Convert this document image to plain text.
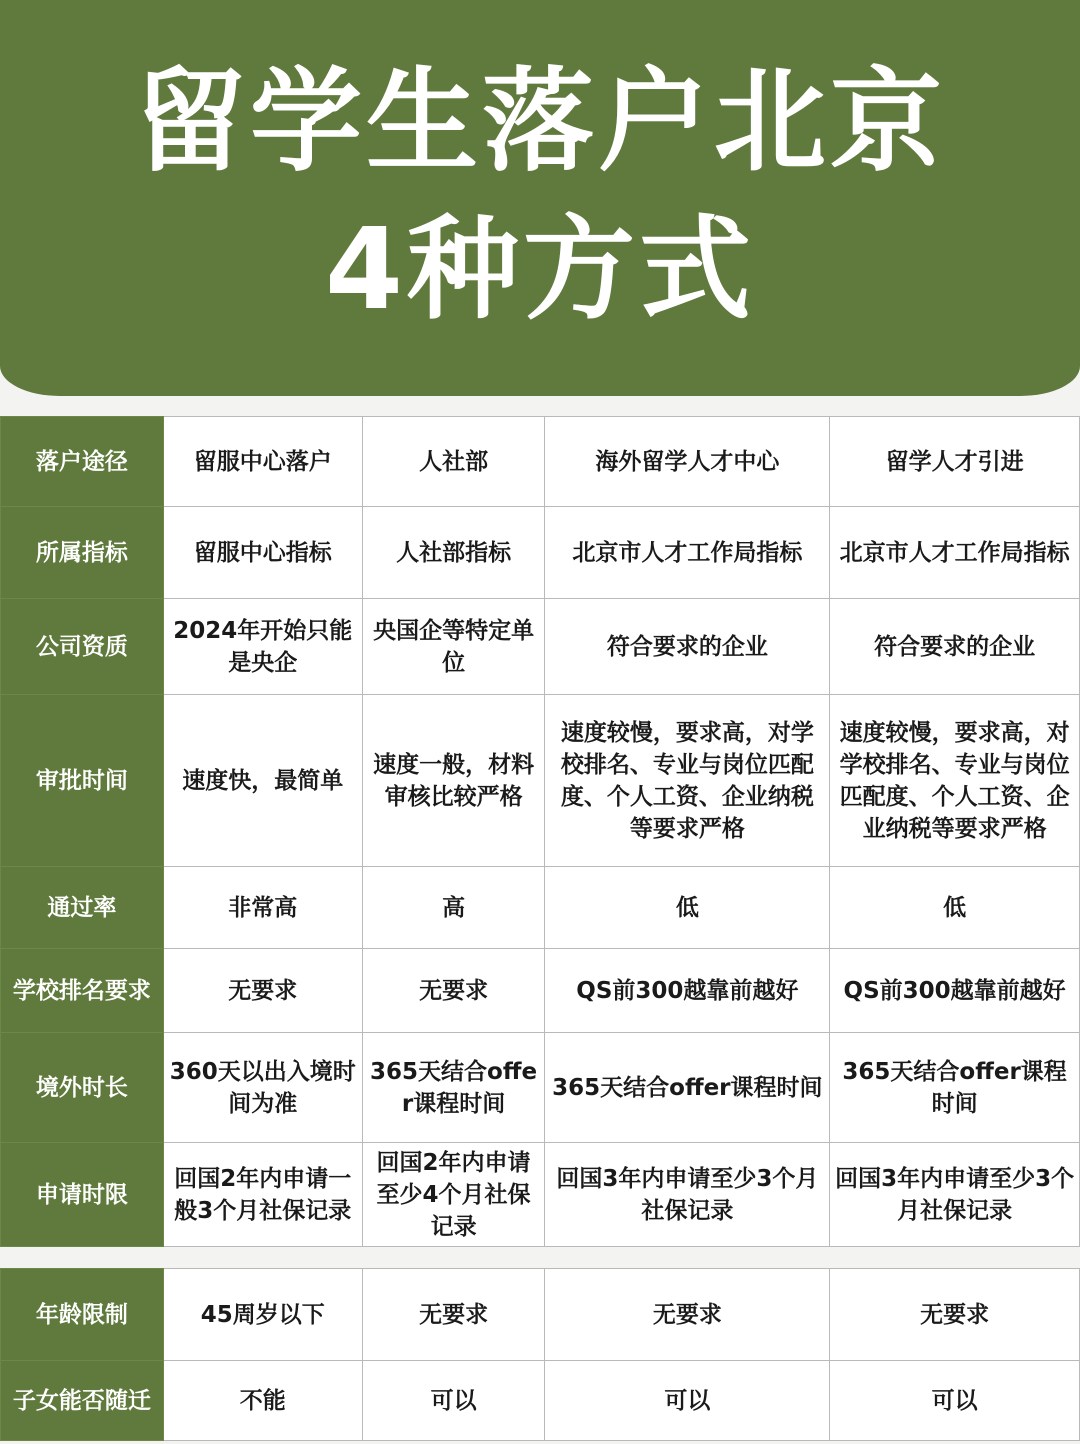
留学生落户北京
4种方式
落户途径	留服中心落户	人社部	海外留学人才中心	留学人才引进
所属指标	留服中心指标	人社部指标	北京市人才工作局指标	北京市人才工作局指标
公司资质	2024年开始只能是央企	央国企等特定单位	符合要求的企业	符合要求的企业
审批时间	速度快，最简单	速度一般，材料审核比较严格	速度较慢，要求高，对学校排名、专业与岗位匹配度、个人工资、企业纳税等要求严格	速度较慢，要求高，对学校排名、专业与岗位匹配度、个人工资、企业纳税等要求严格
通过率	非常高	高	低	低
学校排名要求	无要求	无要求	QS前300越靠前越好	QS前300越靠前越好
境外时长	360天以出入境时间为准	365天结合offer课程时间	365天结合offer课程时间	365天结合offer课程时间
申请时限	回国2年内申请一般3个月社保记录	回国2年内申请至少4个月社保记录	回国3年内申请至少3个月社保记录	回国3年内申请至少3个月社保记录
年龄限制	45周岁以下	无要求	无要求	无要求
子女能否随迁	不能	可以	可以	可以
